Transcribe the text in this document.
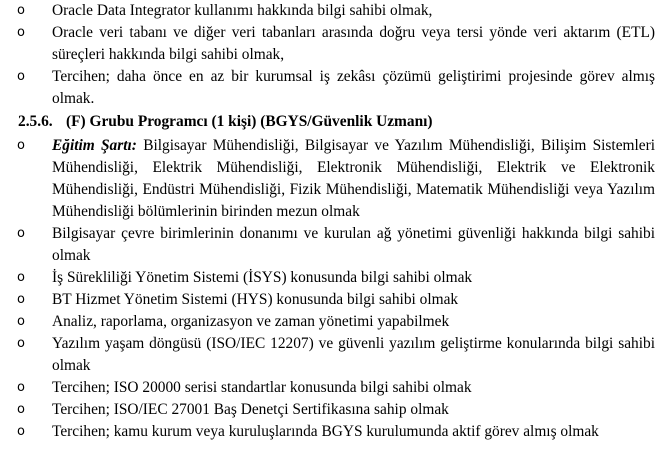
o Oracle Data Integrator kullanımı hakkında bilgi sahibi olmak,
o Oracle veri tabanı ve diğer veri tabanları arasında doğru veya tersi yönde veri aktarım (ETL) süreçleri hakkında bilgi sahibi olmak,
o Tercihen; daha önce en az bir kurumsal iş zekâsı çözümü geliştirimi projesinde görev almış olmak.
2.5.6. (F) Grubu Programcı (1 kişi) (BGYS/Güvenlik Uzmanı)
o Eğitim Şartı: Bilgisayar Mühendisliği, Bilgisayar ve Yazılım Mühendisliği, Bilişim Sistemleri Mühendisliği, Elektrik Mühendisliği, Elektronik Mühendisliği, Elektrik ve Elektronik Mühendisliği, Endüstri Mühendisliği, Fizik Mühendisliği, Matematik Mühendisliği veya Yazılım Mühendisliği bölümlerinin birinden mezun olmak
o Bilgisayar çevre birimlerinin donanımı ve kurulan ağ yönetimi güvenliği hakkında bilgi sahibi olmak
o İş Sürekliliği Yönetim Sistemi (İSYS) konusunda bilgi sahibi olmak
o BT Hizmet Yönetim Sistemi (HYS) konusunda bilgi sahibi olmak
o Analiz, raporlama, organizasyon ve zaman yönetimi yapabilmek
o Yazılım yaşam döngüsü (ISO/IEC 12207) ve güvenli yazılım geliştirme konularında bilgi sahibi olmak
o Tercihen; ISO 20000 serisi standartlar konusunda bilgi sahibi olmak
o Tercihen; ISO/IEC 27001 Baş Denetçi Sertifikasına sahip olmak
o Tercihen; kamu kurum veya kuruluşlarında BGYS kurulumunda aktif görev almış olmak
